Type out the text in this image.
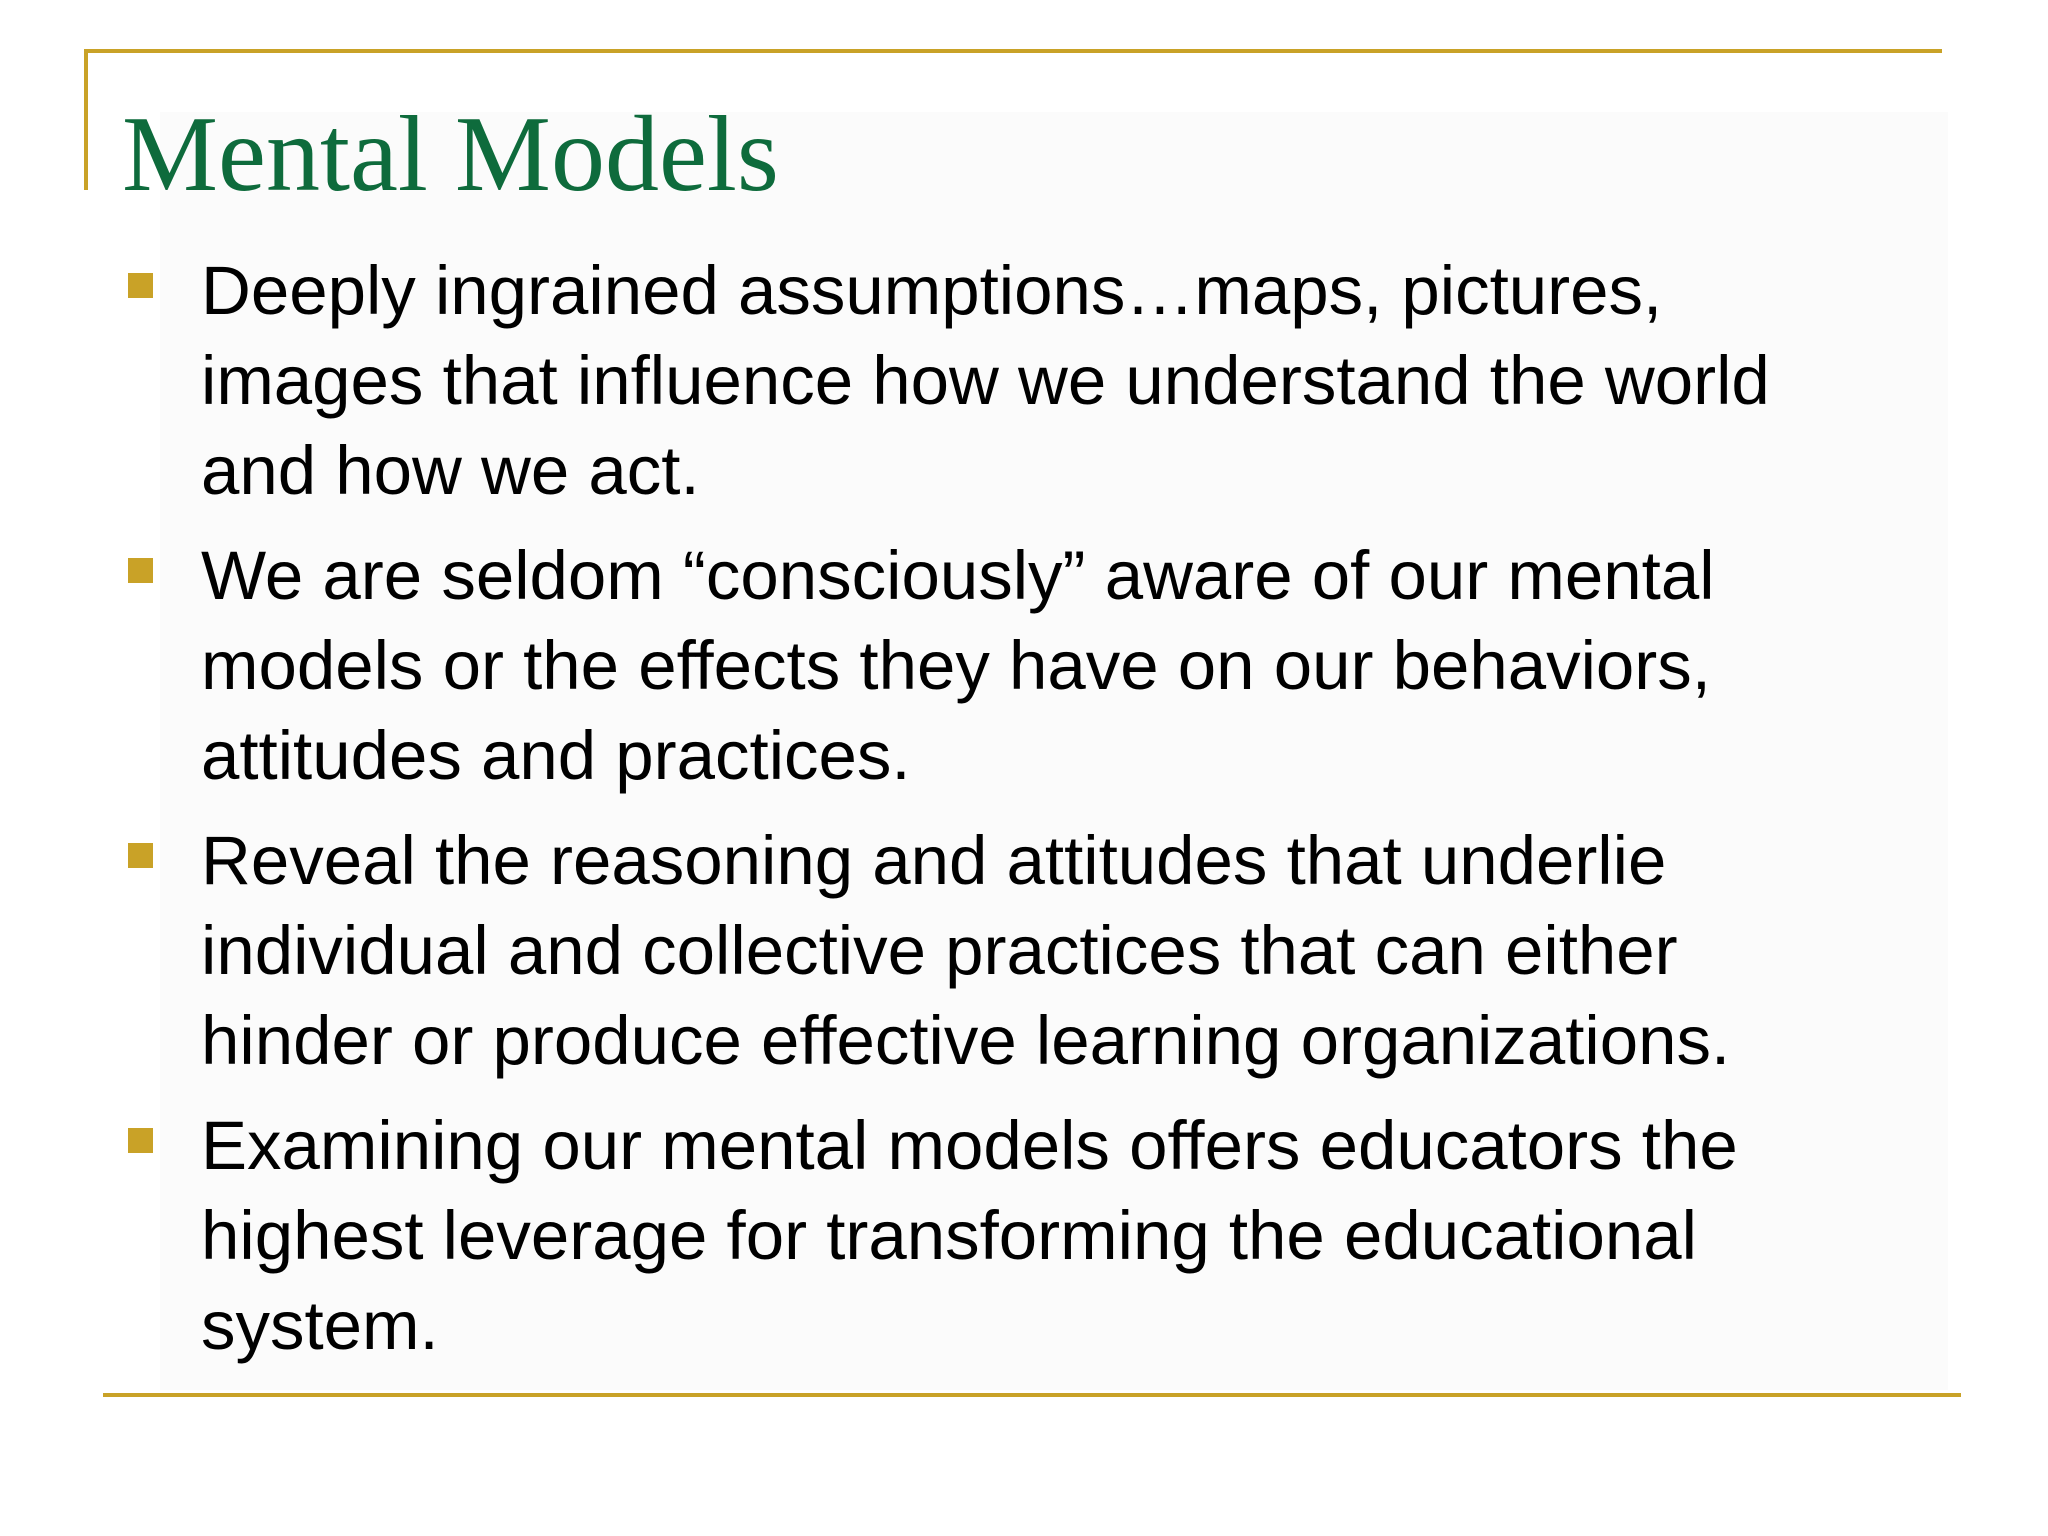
Mental Models

Deeply ingrained assumptions…maps, pictures,
images that influence how we understand the world
and how we act.

We are seldom “consciously” aware of our mental
models or the effects they have on our behaviors,
attitudes and practices.

Reveal the reasoning and attitudes that underlie
individual and collective practices that can either
hinder or produce effective learning organizations.

Examining our mental models offers educators the
highest leverage for transforming the educational
system.
